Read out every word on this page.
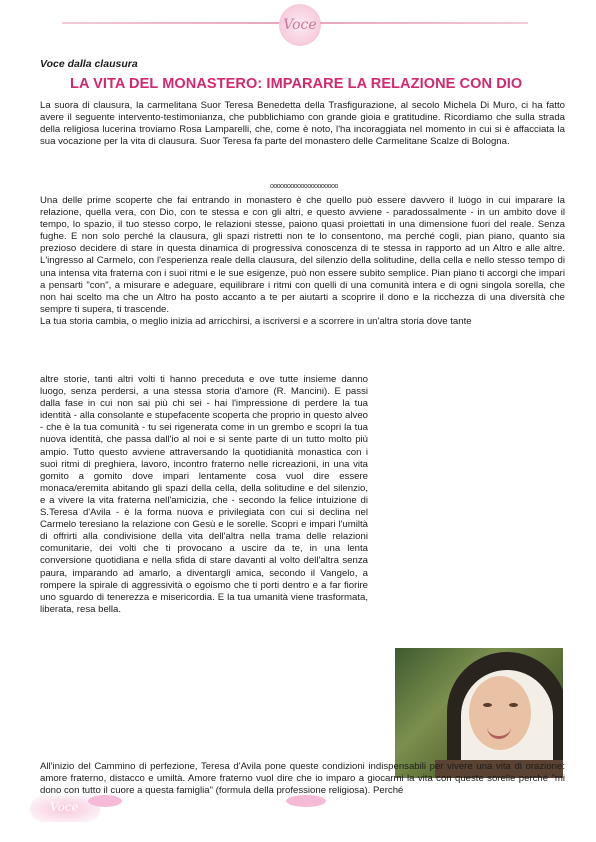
Voce
Voce dalla clausura
LA VITA DEL MONASTERO: IMPARARE LA RELAZIONE CON DIO

La suora di clausura, la carmelitana Suor Teresa Benedetta della Trasfigurazione, al secolo Michela Di Muro, ci ha fatto avere il seguente intervento-testimonianza, che pubblichiamo con grande gioia e gratitudine. Ricordiamo che sulla strada della religiosa lucerina troviamo Rosa Lamparelli, che, come è noto, l'ha incoraggiata nel momento in cui si è affacciata la sua vocazione per la vita di clausura. Suor Teresa fa parte del monastero delle Carmelitane Scalze di Bologna.

oooooooooooooooooooo

Una delle prime scoperte che fai entrando in monastero è che quello può essere davvero il luogo in cui imparare la relazione, quella vera, con Dio, con te stessa e con gli altri, e questo avviene - paradossalmente - in un ambito dove il tempo, lo spazio, il tuo stesso corpo, le relazioni stesse, paiono quasi proiettati in una dimensione fuori del reale. Senza fughe. E non solo perché la clausura, gli spazi ristretti non te lo consentono, ma perché cogli, pian piano, quanto sia prezioso decidere di stare in questa dinamica di progressiva conoscenza di te stessa in rapporto ad un Altro e alle altre. L'ingresso al Carmelo, con l'esperienza reale della clausura, del silenzio della solitudine, della cella e nello stesso tempo di una intensa vita fraterna con i suoi ritmi e le sue esigenze, può non essere subito semplice. Pian piano ti accorgi che impari a pensarti "con", a misurare e adeguare, equilibrare i ritmi con quelli di una comunità intera e di ogni singola sorella, che non hai scelto ma che un Altro ha posto accanto a te per aiutarti a scoprire il dono e la ricchezza di una diversità che sempre ti supera, ti trascende.
La tua storia cambia, o meglio inizia ad arricchirsi, a iscriversi e a scorrere in un'altra storia dove tante

altre storie, tanti altri volti ti hanno preceduta e ove tutte insieme danno luogo, senza perdersi, a una stessa storia d'amore (R. Mancini). E passi dalla fase in cui non sai più chi sei - hai l'impressione di perdere la tua identità - alla consolante e stupefacente scoperta che proprio in questo alveo - che è la tua comunità - tu sei rigenerata come in un grembo e scopri la tua nuova identità, che passa dall'io al noi e si sente parte di un tutto molto più ampio. Tutto questo avviene attraversando la quotidianità monastica con i suoi ritmi di preghiera, lavoro, incontro fraterno nelle ricreazioni, in una vita gomito a gomito dove impari lentamente cosa vuol dire essere monaca/eremita abitando gli spazi della cella, della solitudine e del silenzio, e a vivere la vita fraterna nell'amicizia, che - secondo la felice intuizione di S.Teresa d'Avila - è la forma nuova e privilegiata con cui si declina nel Carmelo teresiano la relazione con Gesù e le sorelle. Scopri e impari l'umiltà di offrirti alla condivisione della vita dell'altra nella trama delle relazioni comunitarie, dei volti che ti provocano a uscire da te, in una lenta conversione quotidiana e nella sfida di stare davanti al volto dell'altra senza paura, imparando ad amarlo, a diventargli amica, secondo il Vangelo, a rompere la spirale di aggressività o egoismo che ti porti dentro e a far fiorire uno sguardo di tenerezza e misericordia. E la tua umanità viene trasformata, liberata, resa bella.

All'inizio del Cammino di perfezione, Teresa d'Avila pone queste condizioni indispensabili per vivere una vita di orazione: amore fraterno, distacco e umiltà. Amore fraterno vuol dire che io imparo a giocarmi la vita con queste sorelle perché "mi dono con tutto il cuore a questa famiglia" (formula della professione religiosa). Perché

Voce
